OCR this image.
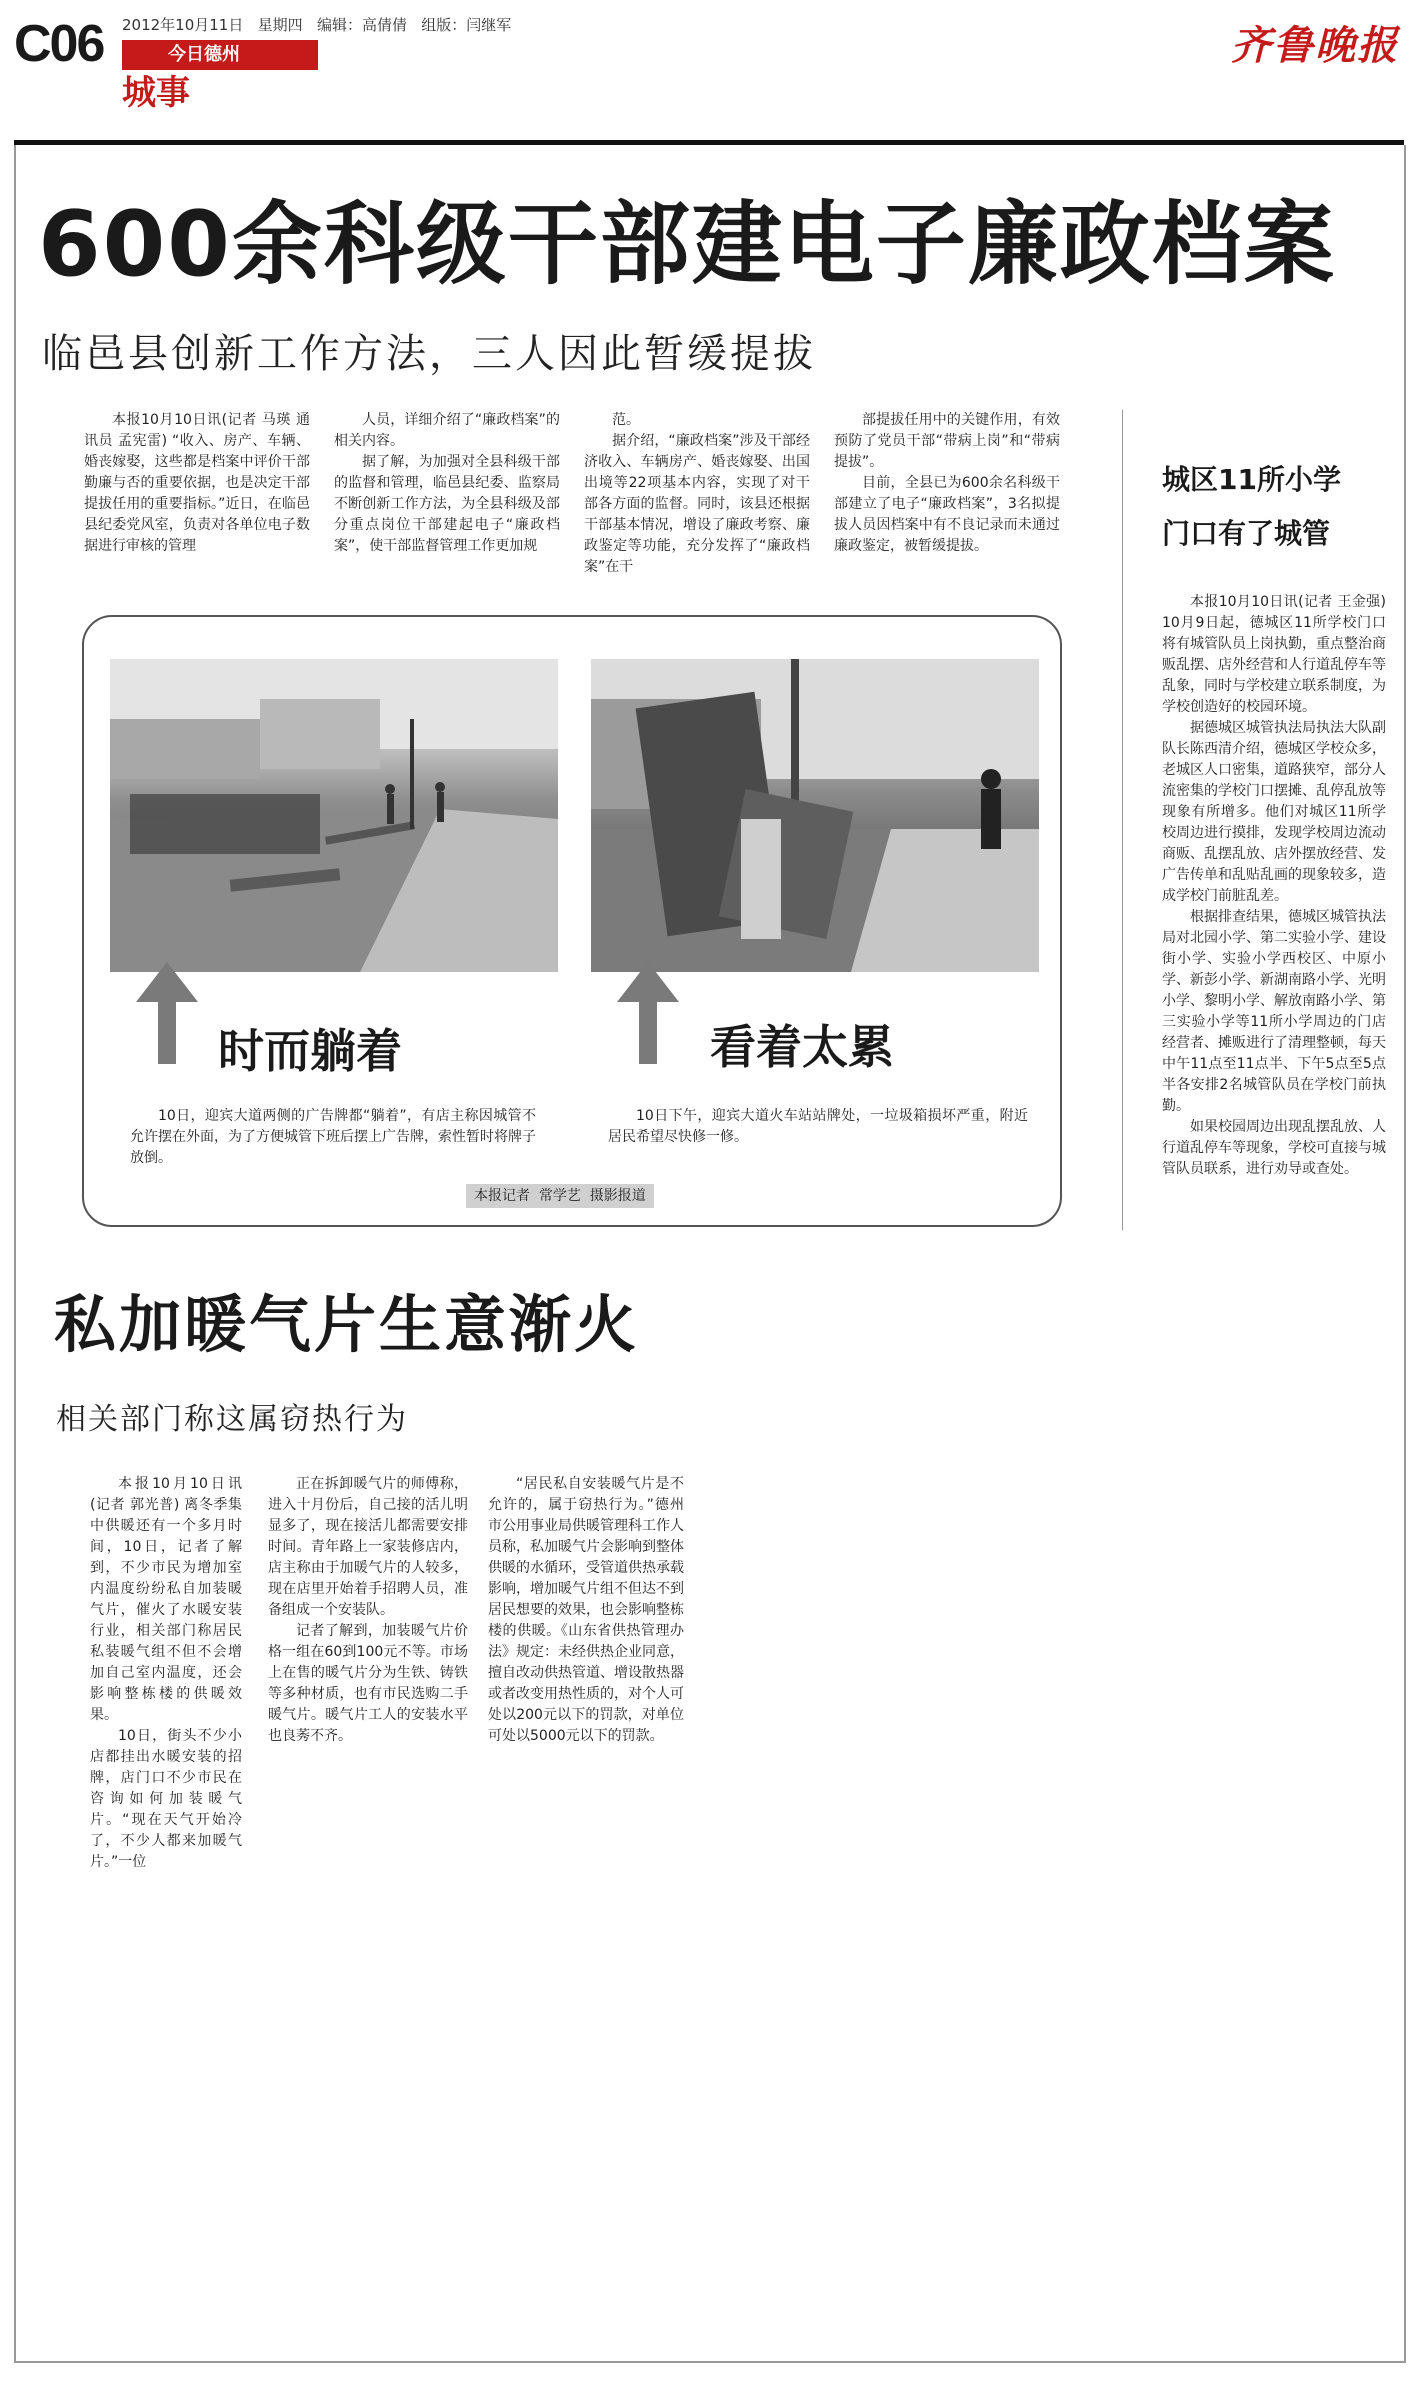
C06 2012年10月11日   星期四   编辑：高倩倩   组版：闫继军
今日德州
城事
齐鲁晚报
600余科级干部建电子廉政档案
临邑县创新工作方法，三人因此暂缓提拔

本报10月10日讯(记者 马瑛 通讯员 孟宪雷) “收入、房产、车辆、婚丧嫁娶，这些都是档案中评价干部勤廉与否的重要依据，也是决定干部提拔任用的重要指标。”近日，在临邑县纪委党风室，负责对各单位电子数据进行审核的管理

人员，详细介绍了“廉政档案”的相关内容。

据了解，为加强对全县科级干部的监督和管理，临邑县纪委、监察局不断创新工作方法，为全县科级及部分重点岗位干部建起电子“廉政档案”，使干部监督管理工作更加规

范。

据介绍，“廉政档案”涉及干部经济收入、车辆房产、婚丧嫁娶、出国出境等22项基本内容，实现了对干部各方面的监督。同时，该县还根据干部基本情况，增设了廉政考察、廉政鉴定等功能，充分发挥了“廉政档案”在干

部提拔任用中的关键作用，有效预防了党员干部“带病上岗”和“带病提拔”。

目前，全县已为600余名科级干部建立了电子“廉政档案”，3名拟提拔人员因档案中有不良记录而未通过廉政鉴定，被暂缓提拔。

时而躺着	看着太累

10日，迎宾大道两侧的广告牌都“躺着”，有店主称因城管不允许摆在外面，为了方便城管下班后摆上广告牌，索性暂时将牌子放倒。

10日下午，迎宾大道火车站站牌处，一垃圾箱损坏严重，附近居民希望尽快修一修。

本报记者  常学艺  摄影报道
城区11所小学
门口有了城管

本报10月10日讯(记者 王金强) 10月9日起，德城区11所学校门口将有城管队员上岗执勤，重点整治商贩乱摆、店外经营和人行道乱停车等乱象，同时与学校建立联系制度，为学校创造好的校园环境。

据德城区城管执法局执法大队副队长陈西清介绍，德城区学校众多，老城区人口密集，道路狭窄，部分人流密集的学校门口摆摊、乱停乱放等现象有所增多。他们对城区11所学校周边进行摸排，发现学校周边流动商贩、乱摆乱放、店外摆放经营、发广告传单和乱贴乱画的现象较多，造成学校门前脏乱差。

根据排查结果，德城区城管执法局对北园小学、第二实验小学、建设街小学、实验小学西校区、中原小学、新彭小学、新湖南路小学、光明小学、黎明小学、解放南路小学、第三实验小学等11所小学周边的门店经营者、摊贩进行了清理整顿，每天中午11点至11点半、下午5点至5点半各安排2名城管队员在学校门前执勤。

如果校园周边出现乱摆乱放、人行道乱停车等现象，学校可直接与城管队员联系，进行劝导或查处。

私加暖气片生意渐火
相关部门称这属窃热行为

本报10月10日讯(记者 郭光普) 离冬季集中供暖还有一个多月时间，10日，记者了解到，不少市民为增加室内温度纷纷私自加装暖气片，催火了水暖安装行业，相关部门称居民私装暖气组不但不会增加自己室内温度，还会影响整栋楼的供暖效果。

10日，街头不少小店都挂出水暖安装的招牌，店门口不少市民在咨询如何加装暖气片。“现在天气开始冷了，不少人都来加暖气片。”一位

正在拆卸暖气片的师傅称，进入十月份后，自己接的活儿明显多了，现在接活儿都需要安排时间。青年路上一家装修店内，店主称由于加暖气片的人较多，现在店里开始着手招聘人员，准备组成一个安装队。

记者了解到，加装暖气片价格一组在60到100元不等。市场上在售的暖气片分为生铁、铸铁等多种材质，也有市民选购二手暖气片。暖气片工人的安装水平也良莠不齐。

“居民私自安装暖气片是不允许的，属于窃热行为。”德州市公用事业局供暖管理科工作人员称，私加暖气片会影响到整体供暖的水循环，受管道供热承载影响，增加暖气片组不但达不到居民想要的效果，也会影响整栋楼的供暖。《山东省供热管理办法》规定：未经供热企业同意，擅自改动供热管道、增设散热器或者改变用热性质的，对个人可处以200元以下的罚款，对单位可处以5000元以下的罚款。
